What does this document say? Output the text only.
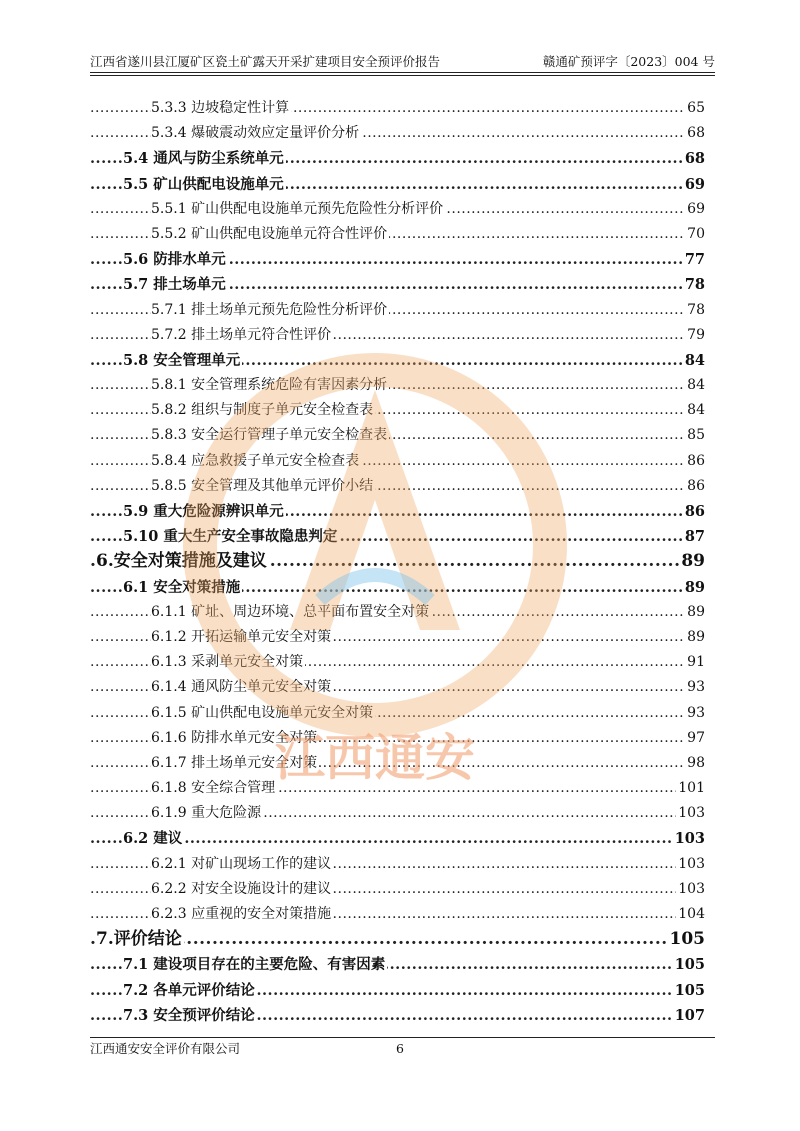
江西省遂川县江厦矿区瓷土矿露天开采扩建项目安全预评价报告	赣通矿预评字〔2023〕004 号
..... 5.3.3 边坡稳定性计算	65
..... 5.3.4 爆破震动效应定量评价分析	68
..... 5.4 通风与防尘系统单元	68
..... 5.5 矿山供配电设施单元	69
..... 5.5.1 矿山供配电设施单元预先危险性分析评价	69
..... 5.5.2 矿山供配电设施单元符合性评价	70
..... 5.6 防排水单元	77
..... 5.7 排土场单元	78
..... 5.7.1 排土场单元预先危险性分析评价	78
..... 5.7.2 排土场单元符合性评价	79
..... 5.8 安全管理单元	84
..... 5.8.1 安全管理系统危险有害因素分析	84
..... 5.8.2 组织与制度子单元安全检查表	84
..... 5.8.3 安全运行管理子单元安全检查表	85
..... 5.8.4 应急救援子单元安全检查表	86
..... 5.8.5 安全管理及其他单元评价小结	86
..... 5.9 重大危险源辨识单元	86
..... 5.10 重大生产安全事故隐患判定	87
..... 6.安全对策措施及建议	89
..... 6.1 安全对策措施	89
..... 6.1.1 矿址、周边环境、总平面布置安全对策	89
..... 6.1.2 开拓运输单元安全对策	89
..... 6.1.3 采剥单元安全对策	91
..... 6.1.4 通风防尘单元安全对策	93
..... 6.1.5 矿山供配电设施单元安全对策	93
..... 6.1.6 防排水单元安全对策	97
..... 6.1.7 排土场单元安全对策	98
..... 6.1.8 安全综合管理	101
..... 6.1.9 重大危险源	103
..... 6.2 建议	103
..... 6.2.1 对矿山现场工作的建议	103
..... 6.2.2 对安全设施设计的建议	103
..... 6.2.3 应重视的安全对策措施	104
..... 7.评价结论	105
..... 7.1 建设项目存在的主要危险、有害因素	105
..... 7.2 各单元评价结论	105
..... 7.3 安全预评价结论	107
江西通安
江西通安安全评价有限公司	6
